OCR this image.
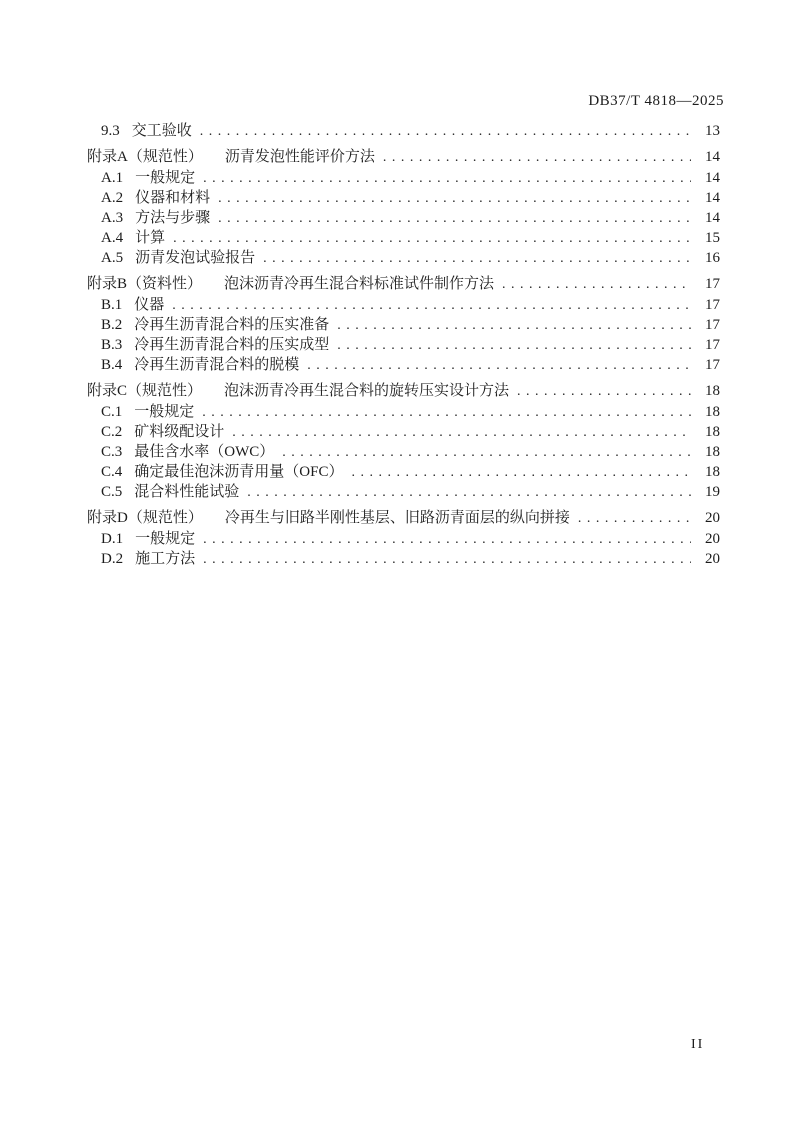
DB37/T 4818—2025
9.3 交工验收 . . .	13
附录A（规范性） 沥青发泡性能评价方法 . . .	14
A.1 一般规定 . . .	14
A.2 仪器和材料 . . .	14
A.3 方法与步骤 . . .	14
A.4 计算 . . .	15
A.5 沥青发泡试验报告 . . .	16
附录B（资料性） 泡沫沥青冷再生混合料标准试件制作方法 . . .	17
B.1 仪器 . . .	17
B.2 冷再生沥青混合料的压实准备 . . .	17
B.3 冷再生沥青混合料的压实成型 . . .	17
B.4 冷再生沥青混合料的脱模 . . .	17
附录C（规范性） 泡沫沥青冷再生混合料的旋转压实设计方法 . . .	18
C.1 一般规定 . . .	18
C.2 矿料级配设计 . . .	18
C.3 最佳含水率（OWC） . . .	18
C.4 确定最佳泡沫沥青用量（OFC） . . .	18
C.5 混合料性能试验 . . .	19
附录D（规范性） 冷再生与旧路半刚性基层、旧路沥青面层的纵向拼接 . . .	20
D.1 一般规定 . . .	20
D.2 施工方法 . . .	20
II
